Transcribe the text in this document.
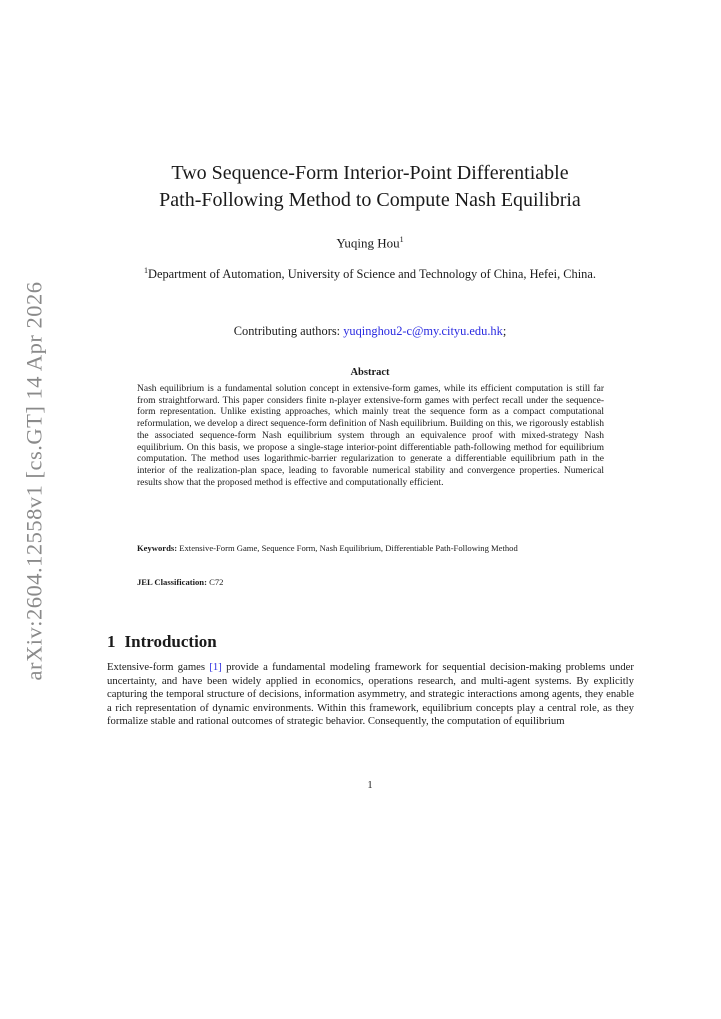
arXiv:2604.12558v1 [cs.GT] 14 Apr 2026
Two Sequence-Form Interior-Point Differentiable
Path-Following Method to Compute Nash Equilibria
Yuqing Hou$^1$
$^1$Department of Automation, University of Science and Technology of China, Hefei, China.
Contributing authors: yuqinghou2-c@my.cityu.edu.hk;
Abstract

Nash equilibrium is a fundamental solution concept in extensive-form games, while its efficient computation is still far from straightforward. This paper considers finite n-player extensive-form games with perfect recall under the sequence-form representation. Unlike existing approaches, which mainly treat the sequence form as a compact computational reformulation, we develop a direct sequence-form definition of Nash equilibrium. Building on this, we rigorously establish the associated sequence-form Nash equilibrium system through an equivalence proof with mixed-strategy Nash equilibrium. On this basis, we propose a single-stage interior-point differentiable path-following method for equilibrium computation. The method uses logarithmic-barrier regularization to generate a differentiable equilibrium path in the interior of the realization-plan space, leading to favorable numerical stability and convergence properties. Numerical results show that the proposed method is effective and computationally efficient.

Keywords: Extensive-Form Game, Sequence Form, Nash Equilibrium, Differentiable Path-Following Method
JEL Classification: C72
1 Introduction

Extensive-form games [1] provide a fundamental modeling framework for sequential decision-making problems under uncertainty, and have been widely applied in economics, operations research, and multi-agent systems. By explicitly capturing the temporal structure of decisions, information asymmetry, and strategic interactions among agents, they enable a rich representation of dynamic environments. Within this framework, equilibrium concepts play a central role, as they formalize stable and rational outcomes of strategic behavior. Consequently, the computation of equilibrium

1
